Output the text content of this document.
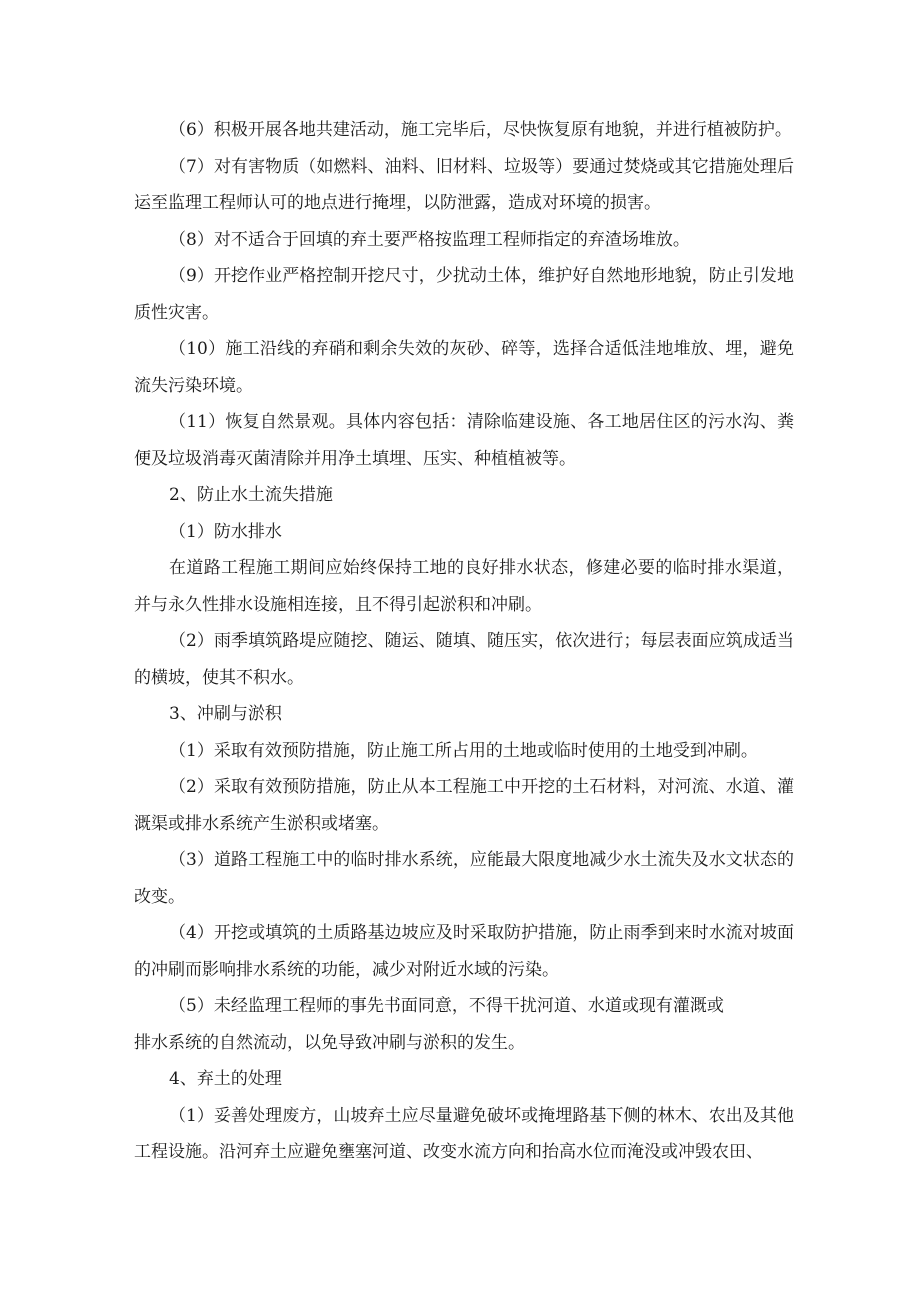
（6）积极开展各地共建活动，施工完毕后，尽快恢复原有地貌，并进行植被防护。

（7）对有害物质（如燃料、油料、旧材料、垃圾等）要通过焚烧或其它措施处理后运至监理工程师认可的地点进行掩埋，以防泄露，造成对环境的损害。

（8）对不适合于回填的弃土要严格按监理工程师指定的弃渣场堆放。

（9）开挖作业严格控制开挖尺寸，少扰动土体，维护好自然地形地貌，防止引发地质性灾害。

（10）施工沿线的弃硝和剩余失效的灰砂、碎等，选择合适低洼地堆放、埋，避免流失污染环境。

（11）恢复自然景观。具体内容包括：清除临建设施、各工地居住区的污水沟、粪便及垃圾消毒灭菌清除并用净土填埋、压实、种植植被等。

2、防止水土流失措施

（1）防水排水

在道路工程施工期间应始终保持工地的良好排水状态，修建必要的临时排水渠道，并与永久性排水设施相连接，且不得引起淤积和冲刷。

（2）雨季填筑路堤应随挖、随运、随填、随压实，依次进行；每层表面应筑成适当的横坡，使其不积水。

3、冲刷与淤积

（1）采取有效预防措施，防止施工所占用的土地或临时使用的土地受到冲刷。

（2）采取有效预防措施，防止从本工程施工中开挖的土石材料，对河流、水道、灌溉渠或排水系统产生淤积或堵塞。

（3）道路工程施工中的临时排水系统，应能最大限度地减少水土流失及水文状态的改变。

（4）开挖或填筑的土质路基边坡应及时采取防护措施，防止雨季到来时水流对坡面的冲刷而影响排水系统的功能，减少对附近水域的污染。

（5）未经监理工程师的事先书面同意，不得干扰河道、水道或现有灌溉或

排水系统的自然流动，以免导致冲刷与淤积的发生。

4、弃土的处理

（1）妥善处理废方，山坡弃土应尽量避免破坏或掩埋路基下侧的林木、农出及其他工程设施。沿河弃土应避免壅塞河道、改变水流方向和抬高水位而淹没或冲毁农田、
